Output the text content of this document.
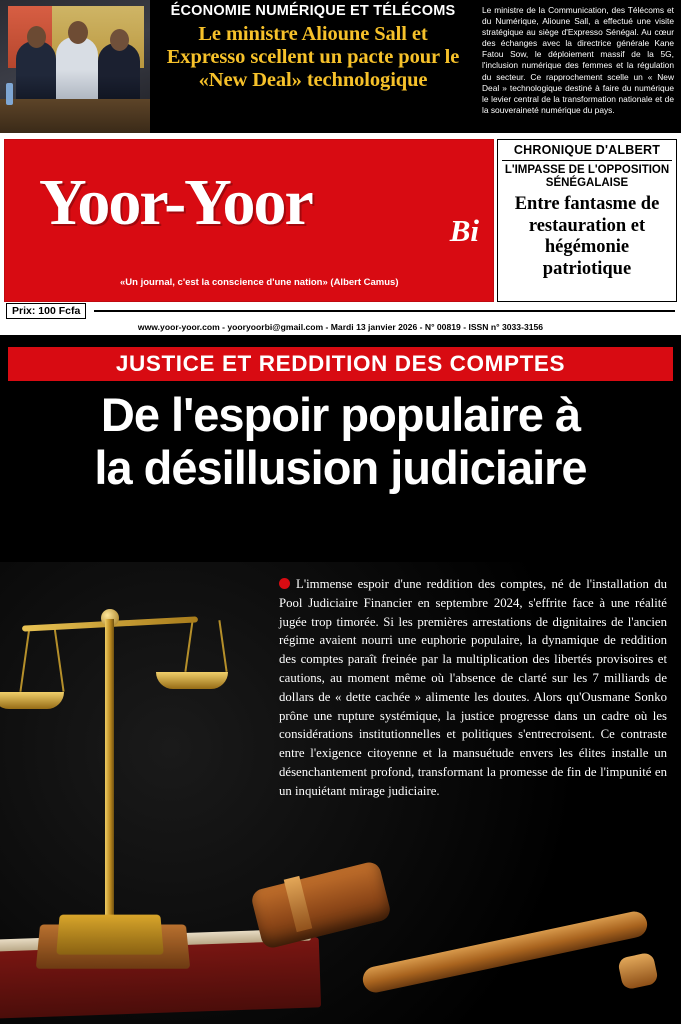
ÉCONOMIE NUMÉRIQUE ET TÉLÉCOMS
Le ministre Alioune Sall et Expresso scellent un pacte pour le «New Deal» technologique
Le ministre de la Communication, des Télécoms et du Numérique, Alioune Sall, a effectué une visite stratégique au siège d'Expresso Sénégal. Au cœur des échanges avec la directrice générale Kane Fatou Sow, le déploiement massif de la 5G, l'inclusion numérique des femmes et la régulation du secteur. Ce rapprochement scelle un « New Deal » technologique destiné à faire du numérique le levier central de la transformation nationale et de la souveraineté numérique du pays.
Yoor-Yoor	Bi
«Un journal, c'est la conscience d'une nation» (Albert Camus)
CHRONIQUE D'ALBERT
L'IMPASSE DE L'OPPOSITION SÉNÉGALAISE
Entre fantasme de restauration et hégémonie patriotique
Prix: 100 Fcfa
www.yoor-yoor.com - yooryoorbi@gmail.com - Mardi 13 janvier 2026 - N° 00819 - ISSN n° 3033-3156
JUSTICE ET REDDITION DES COMPTES
De l'espoir populaire à
la désillusion judiciaire
L'immense espoir d'une reddition des comptes, né de l'installation du Pool Judiciaire Financier en septembre 2024, s'effrite face à une réalité jugée trop timorée. Si les premières arrestations de dignitaires de l'ancien régime avaient nourri une euphorie populaire, la dynamique de reddition des comptes paraît freinée par la multiplication des libertés provisoires et cautions, au moment même où l'absence de clarté sur les 7 milliards de dollars de « dette cachée » alimente les doutes. Alors qu'Ousmane Sonko prône une rupture systémique, la justice progresse dans un cadre où les considérations institutionnelles et politiques s'entrecroisent. Ce contraste entre l'exigence citoyenne et la mansuétude envers les élites installe un désenchantement profond, transformant la promesse de fin de l'impunité en un inquiétant mirage judiciaire.
